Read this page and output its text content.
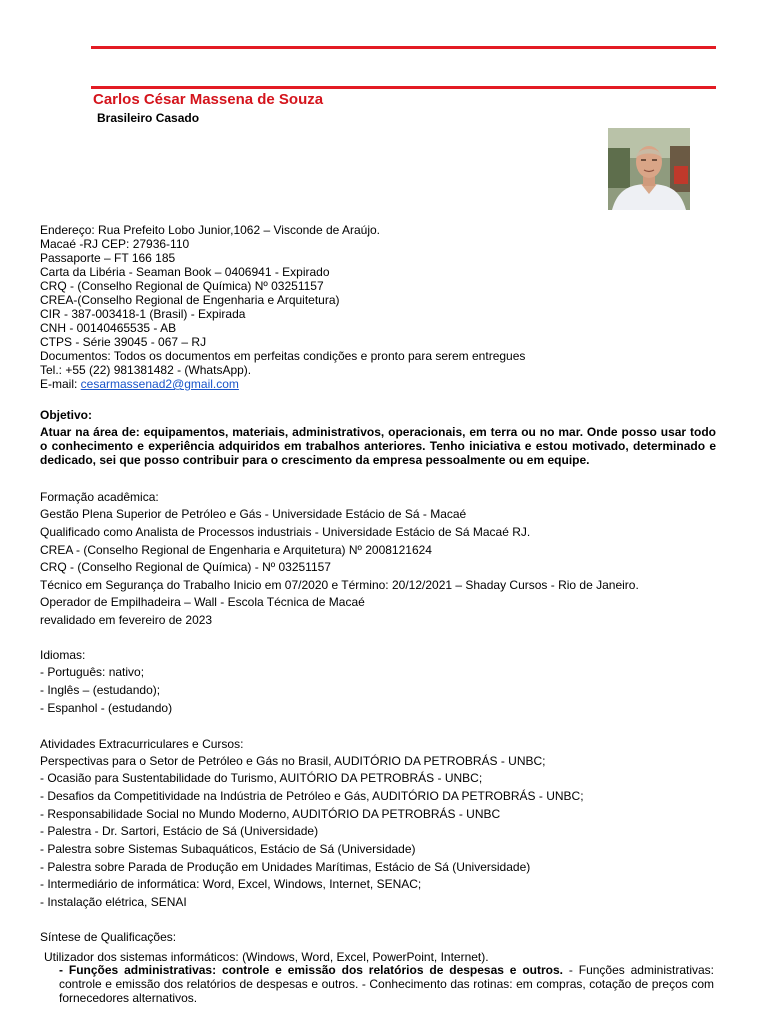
Carlos César Massena de Souza
Brasileiro Casado
Endereço: Rua Prefeito Lobo Junior,1062 – Visconde de Araújo.
Macaé -RJ CEP: 27936-110
Passaporte – FT 166 185
Carta da Libéria - Seaman Book – 0406941 - Expirado
CRQ - (Conselho Regional de Química) Nº 03251157
CREA-(Conselho Regional de Engenharia e Arquitetura)
CIR - 387-003418-1 (Brasil) - Expirada
CNH - 00140465535 - AB
CTPS - Série 39045 - 067 – RJ
Documentos: Todos os documentos em perfeitas condições e pronto para serem entregues
Tel.: +55 (22) 981381482 - (WhatsApp).
E-mail: cesarmassenad2@gmail.com
Objetivo:
Atuar na área de: equipamentos, materiais, administrativos, operacionais, em terra ou no mar. Onde posso usar todo o conhecimento e experiência adquiridos em trabalhos anteriores. Tenho iniciativa e estou motivado, determinado e dedicado, sei que posso contribuir para o crescimento da empresa pessoalmente ou em equipe.
Formação acadêmica:
Gestão Plena Superior de Petróleo e Gás - Universidade Estácio de Sá - Macaé
Qualificado como Analista de Processos industriais - Universidade Estácio de Sá Macaé RJ.
CREA - (Conselho Regional de Engenharia e Arquitetura) Nº 2008121624
CRQ - (Conselho Regional de Química) - Nº 03251157
Técnico em Segurança do Trabalho Inicio em 07/2020 e Término: 20/12/2021 – Shaday Cursos - Rio de Janeiro.
Operador de Empilhadeira – Wall - Escola Técnica de Macaé
revalidado em fevereiro de 2023
Idiomas:
- Português: nativo;
- Inglês – (estudando);
- Espanhol - (estudando)
Atividades Extracurriculares e Cursos:
Perspectivas para o Setor de Petróleo e Gás no Brasil, AUDITÓRIO DA PETROBRÁS - UNBC;
- Ocasião para Sustentabilidade do Turismo, AUITÓRIO DA PETROBRÁS - UNBC;
- Desafios da Competitividade na Indústria de Petróleo e Gás, AUDITÓRIO DA PETROBRÁS - UNBC;
- Responsabilidade Social no Mundo Moderno, AUDITÓRIO DA PETROBRÁS - UNBC
- Palestra - Dr. Sartori, Estácio de Sá (Universidade)
- Palestra sobre Sistemas Subaquáticos, Estácio de Sá (Universidade)
- Palestra sobre Parada de Produção em Unidades Marítimas, Estácio de Sá (Universidade)
- Intermediário de informática: Word, Excel, Windows, Internet, SENAC;
- Instalação elétrica, SENAI
Síntese de Qualificações:
Utilizador dos sistemas informáticos: (Windows, Word, Excel, PowerPoint, Internet).
- Funções administrativas: controle e emissão dos relatórios de despesas e outros. - Funções administrativas: controle e emissão dos relatórios de despesas e outros. - Conhecimento das rotinas: em compras, cotação de preços com fornecedores alternativos.
